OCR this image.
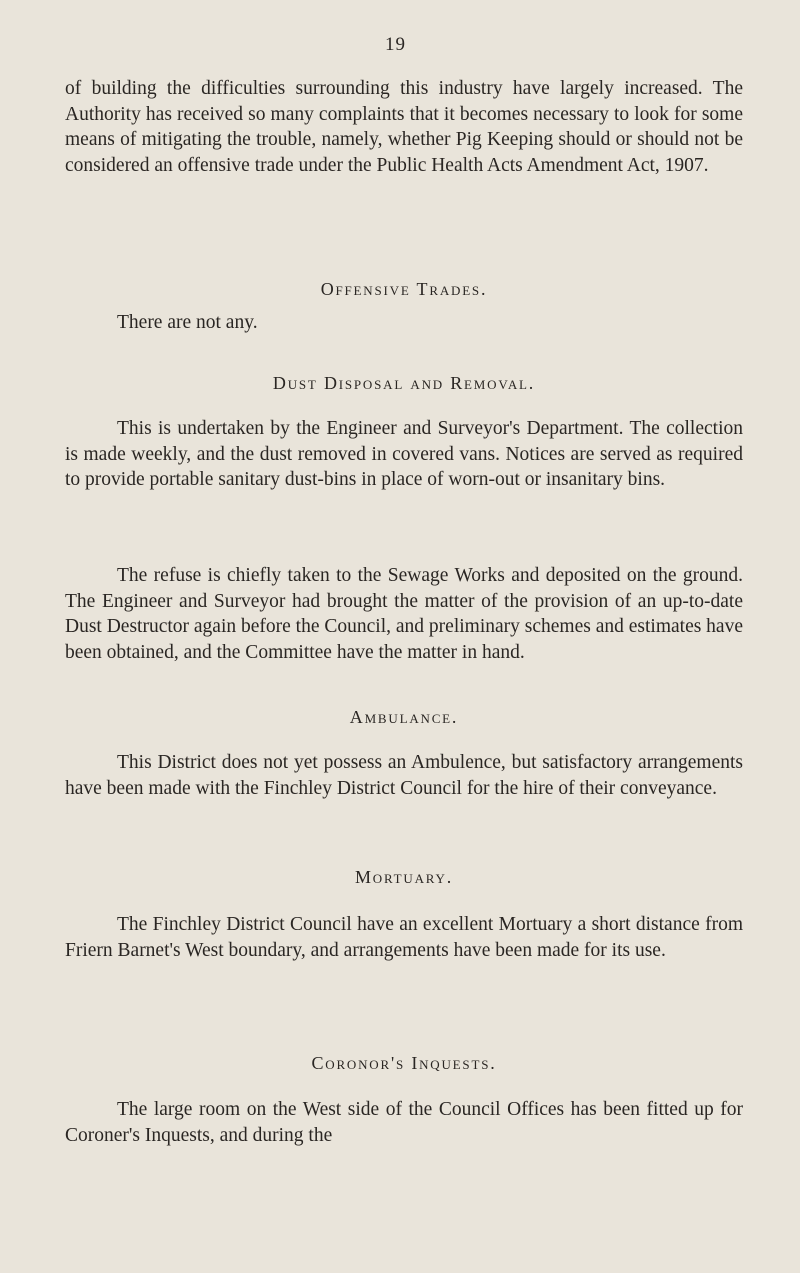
19

of building the difficulties surrounding this industry have largely increased. The Authority has received so many complaints that it becomes necessary to look for some means of mitigating the trouble, namely, whether Pig Keeping should or should not be considered an offensive trade under the Public Health Acts Amendment Act, 1907.

Offensive Trades.

There are not any.

Dust Disposal and Removal.

This is undertaken by the Engineer and Surveyor's Department. The collection is made weekly, and the dust removed in covered vans. Notices are served as required to provide portable sanitary dust-bins in place of worn-out or insanitary bins.

The refuse is chiefly taken to the Sewage Works and deposited on the ground. The Engineer and Surveyor had brought the matter of the provision of an up-to-date Dust Destructor again before the Council, and preliminary schemes and estimates have been obtained, and the Committee have the matter in hand.

Ambulance.

This District does not yet possess an Ambulence, but satisfactory arrangements have been made with the Finchley District Council for the hire of their conveyance.

Mortuary.

The Finchley District Council have an excellent Mortuary a short distance from Friern Barnet's West boundary, and arrangements have been made for its use.

Coronor's Inquests.

The large room on the West side of the Council Offices has been fitted up for Coroner's Inquests, and during the
